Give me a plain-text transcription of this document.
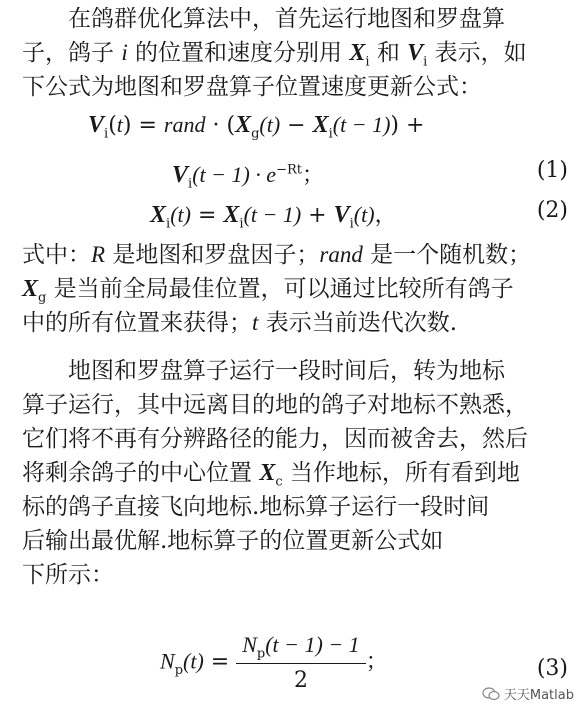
在鸽群优化算法中，首先运行地图和罗盘算
子，鸽子 i 的位置和速度分别用 $X_i$ 和 $V_i$ 表示，如
下公式为地图和罗盘算子位置速度更新公式：
$V_i(t)$ = rand · $(X_g(t) - X_i(t - 1))$ +
$V_i(t - 1) \cdot e^{-Rt}$；	(1)
$X_i(t) = X_i(t - 1) + V_i(t)$，	(2)
式中：R 是地图和罗盘因子；rand 是一个随机数；
$X_g$ 是当前全局最佳位置，可以通过比较所有鸽子
中的所有位置来获得；t 表示当前迭代次数.
地图和罗盘算子运行一段时间后，转为地标
算子运行，其中远离目的地的鸽子对地标不熟悉，
它们将不再有分辨路径的能力，因而被舍去，然后
将剩余鸽子的中心位置 $X_c$ 当作地标，所有看到地
标的鸽子直接飞向地标.地标算子运行一段时间
后输出最优解.地标算子的位置更新公式如
下所示：
$N_p(t) = \frac{N_p(t - 1) - 1}{2}$ ；	(3)
天天Matlab
